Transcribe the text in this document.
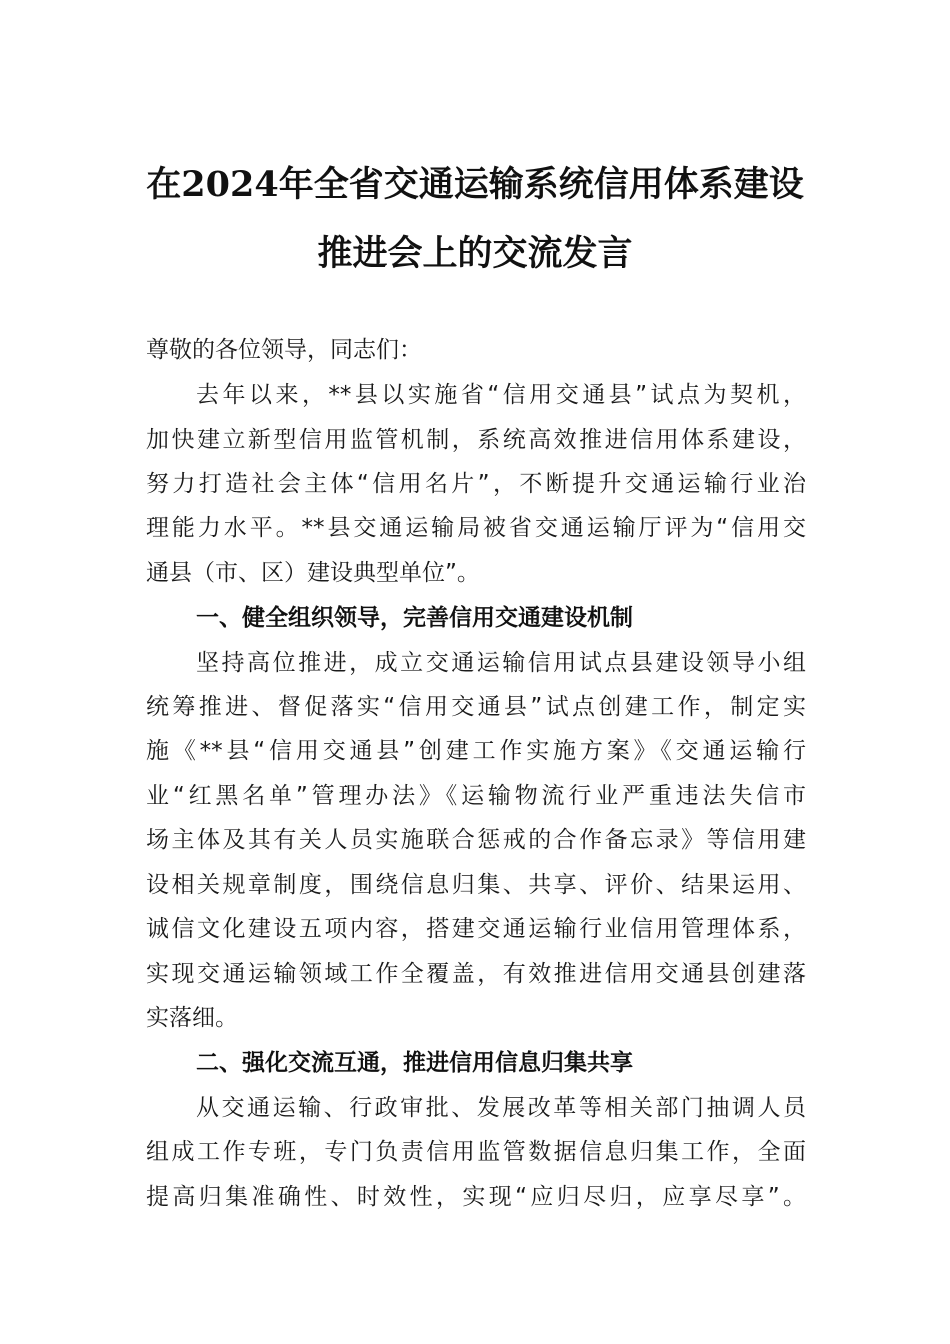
在2024年全省交通运输系统信用体系建设
推进会上的交流发言
尊敬的各位领导，同志们：
去年以来，**县以实施省“信用交通县”试点为契机，
加快建立新型信用监管机制，系统高效推进信用体系建设，
努力打造社会主体“信用名片”，不断提升交通运输行业治
理能力水平。**县交通运输局被省交通运输厅评为“信用交
通县（市、区）建设典型单位”。
一、健全组织领导，完善信用交通建设机制
坚持高位推进，成立交通运输信用试点县建设领导小组
统筹推进、督促落实“信用交通县”试点创建工作，制定实
施《**县“信用交通县”创建工作实施方案》《交通运输行
业“红黑名单”管理办法》《运输物流行业严重违法失信市
场主体及其有关人员实施联合惩戒的合作备忘录》等信用建
设相关规章制度，围绕信息归集、共享、评价、结果运用、
诚信文化建设五项内容，搭建交通运输行业信用管理体系，
实现交通运输领域工作全覆盖，有效推进信用交通县创建落
实落细。
二、强化交流互通，推进信用信息归集共享
从交通运输、行政审批、发展改革等相关部门抽调人员
组成工作专班，专门负责信用监管数据信息归集工作，全面
提高归集准确性、时效性，实现“应归尽归，应享尽享”。
